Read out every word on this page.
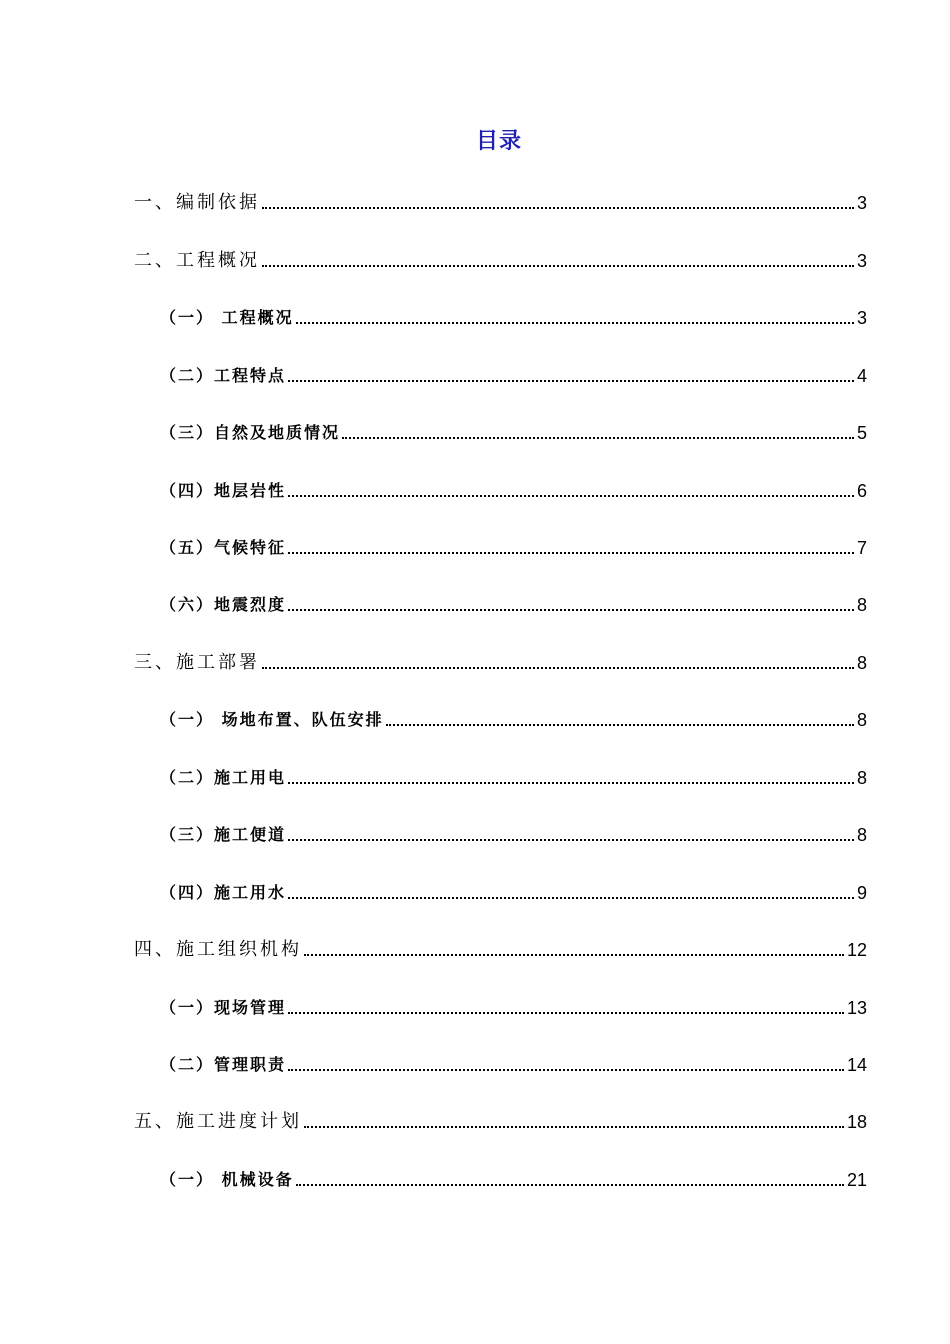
目录
一、编制依据	3
二、工程概况	3
（一） 工程概况	3
（二）工程特点	4
（三）自然及地质情况	5
（四）地层岩性	6
（五）气候特征	7
（六）地震烈度	8
三、施工部署	8
（一） 场地布置、队伍安排	8
（二）施工用电	8
（三）施工便道	8
（四）施工用水	9
四、施工组织机构	12
（一）现场管理	13
（二）管理职责	14
五、施工进度计划	18
（一） 机械设备	21
